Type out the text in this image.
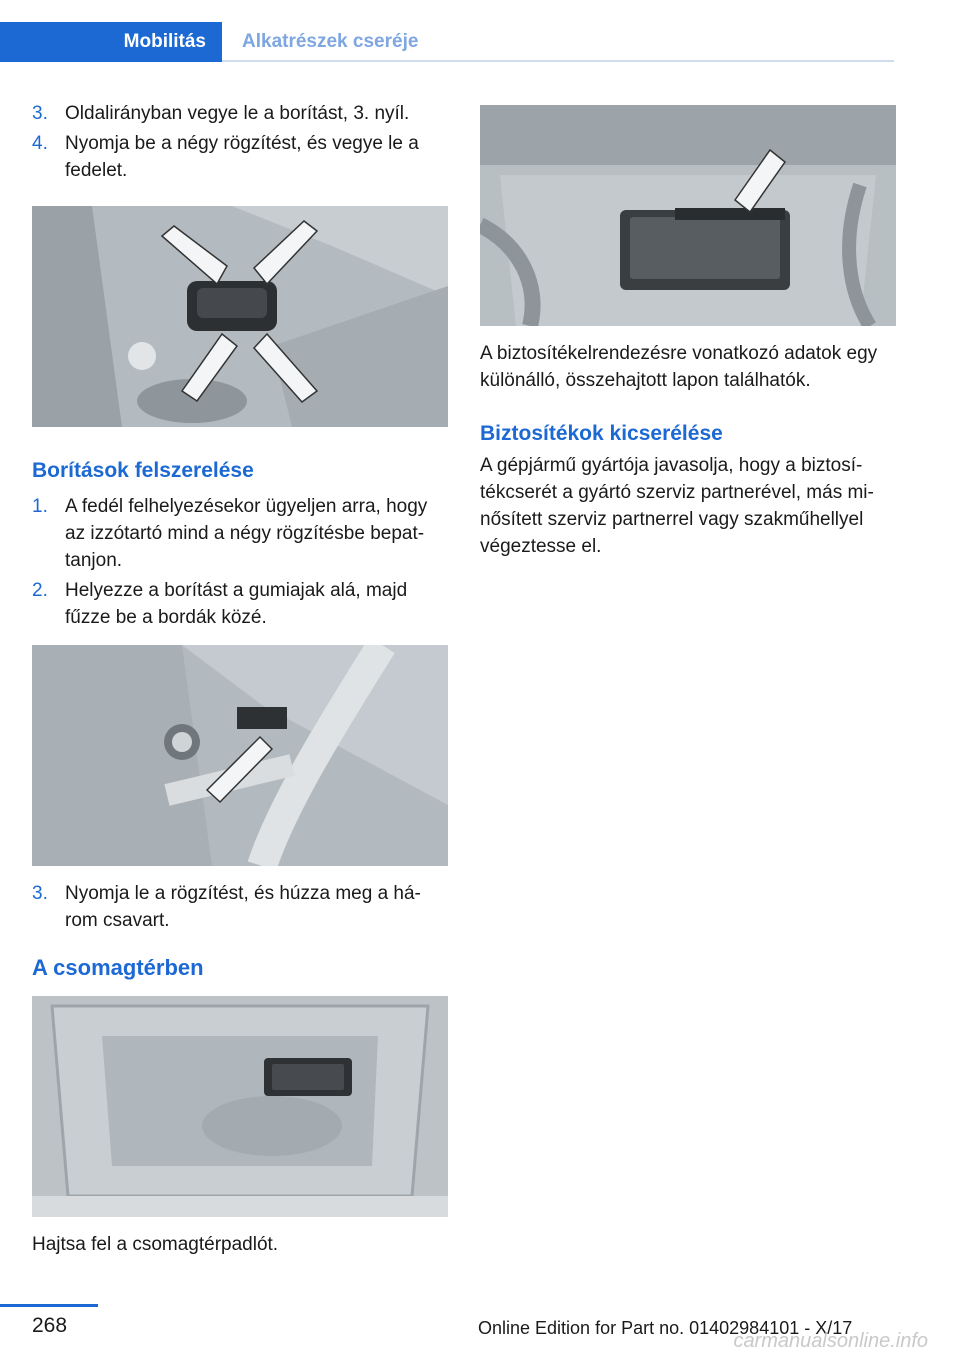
Mobilitás Alkatrészek cseréje
3. Oldalirányban vegye le a borítást, 3. nyíl.
4. Nyomja be a négy rögzítést, és vegye le a fedelet.
Borítások felszerelése
1. A fedél felhelyezésekor ügyeljen arra, hogy az izzótartó mind a négy rögzítésbe bepat‐tanjon.
2. Helyezze a borítást a gumiajak alá, majd fűzze be a bordák közé.
3. Nyomja le a rögzítést, és húzza meg a há‐rom csavart.
A csomagtérben

Hajtsa fel a csomagtérpadlót.

A biztosítékelrendezésre vonatkozó adatok egy különálló, összehajtott lapon találhatók.

Biztosítékok kicserélése

A gépjármű gyártója javasolja, hogy a biztosí‐tékcserét a gyártó szerviz partnerével, más mi‐nősített szerviz partnerrel vagy szakműhellyel végeztesse el.

268	Online Edition for Part no. 01402984101 - X/17
carmanualsonline.info
